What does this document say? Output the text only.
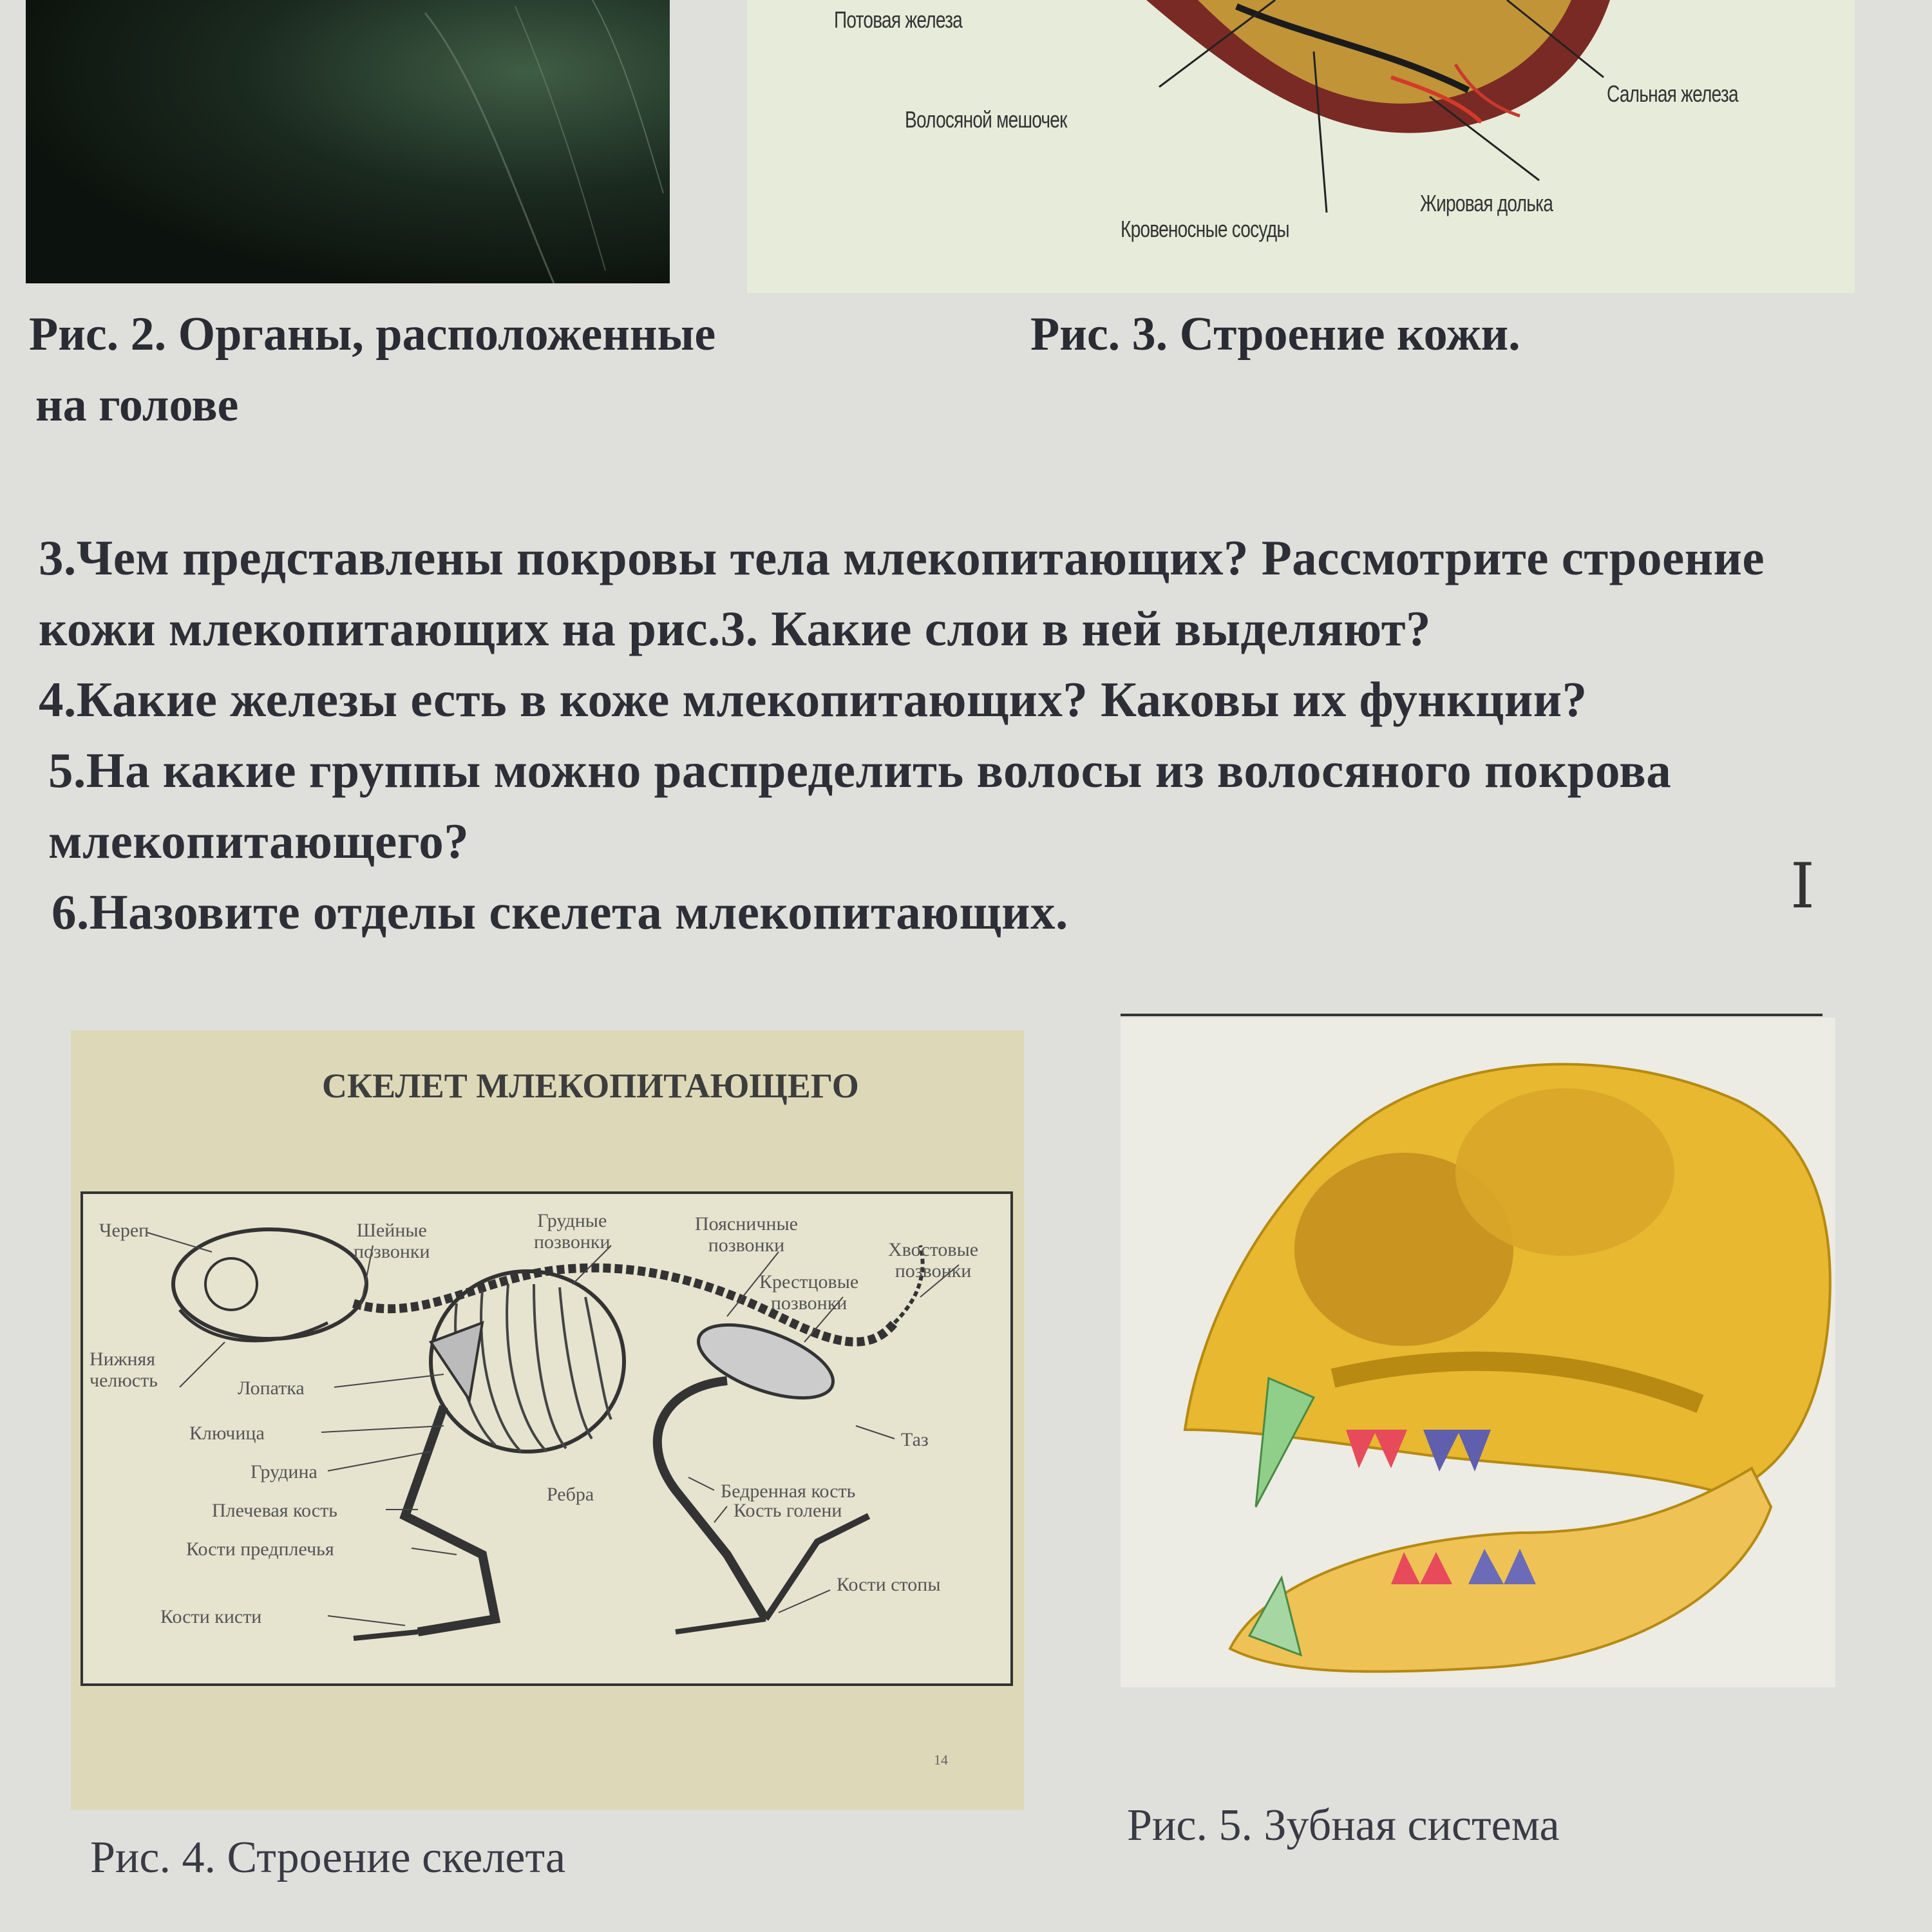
Потовая железа
Волосяной мешочек
Сальная железа
Кровеносные сосуды
Жировая долька
Рис. 2. Органы, расположенные
на голове
Рис. 3. Строение кожи.
3.Чем представлены покровы тела млекопитающих? Рассмотрите строение
кожи млекопитающих на рис.3. Какие слои в ней выделяют?
4.Какие железы есть в коже млекопитающих? Каковы их функции?
5.На какие группы можно распределить волосы из волосяного покрова
млекопитающего?
6.Назовите отделы скелета млекопитающих.	I
СКЕЛЕТ МЛЕКОПИТАЮЩЕГО
Череп	Шейные
позвонки
Грудные
позвонки
Поясничные
позвонки	Хвостовые
позвонки
Крестцовые
позвонки
Нижняя
челюсть	Лопатка
Ключица
Грудина
Плечевая кость
Кости предплечья
Кости кисти
Ребра
Таз
Бедренная кость
Кость голени
Кости стопы
14
Рис. 4. Строение скелета
Рис. 5. Зубная система
